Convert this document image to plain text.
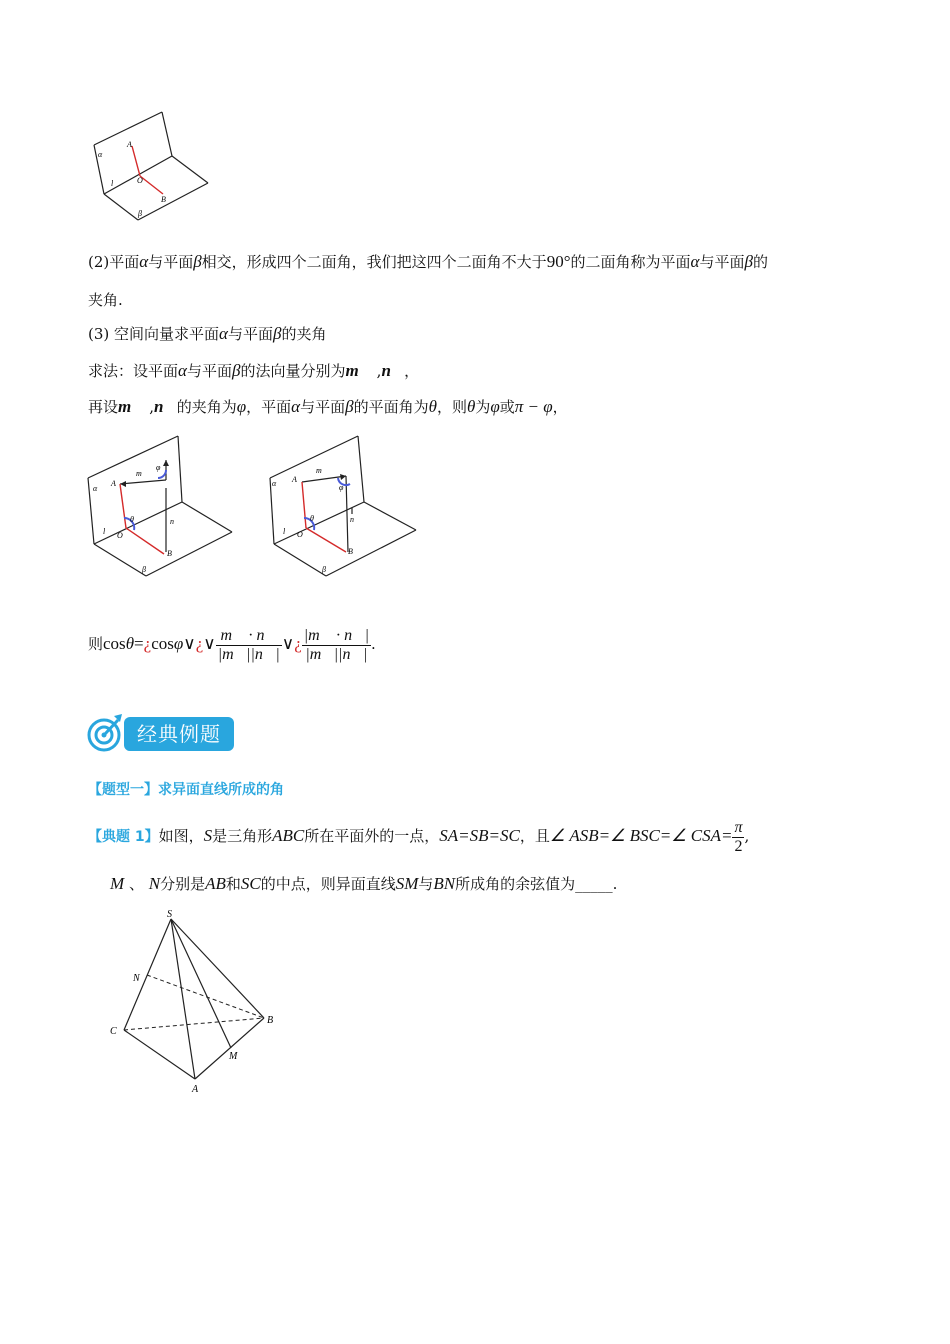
α
A
O
l
B
β
(2)平面α与平面β相交，形成四个二面角，我们把这四个二面角不大于90°的二面角称为平面α与平面β的
夹角.
(3) 空间向量求平面α与平面β的夹角
求法：设平面α与平面β的法向量分别为m⃗ ,n⃗，
再设m⃗ ,n⃗的夹角为φ，平面α与平面β的平面角为θ，则θ为φ或π − φ，
α
A
m⃗
φ
θ	n⃗
l O
B
β
α A
m⃗
φ
θ	n⃗
l O
B
β
则cosθ=¿cosφ∨¿∨ $\frac{m⃗ \cdot n⃗}{|m⃗||n⃗|}$ ∨¿ $\frac{|m⃗ \cdot n⃗|}{|m⃗||n⃗|}$ .
经典例题
【题型一】求异面直线所成的角
【典题 1】如图，S是三角形ABC所在平面外的一点，SA=SB=SC，且∠ ASB=∠ BSC=∠ $CSA= \frac{\pi}{2}$ ,
M 、 N分别是AB和SC的中点，则异面直线SM与BN所成角的余弦值为_____.
S
N
C
B
M
A
